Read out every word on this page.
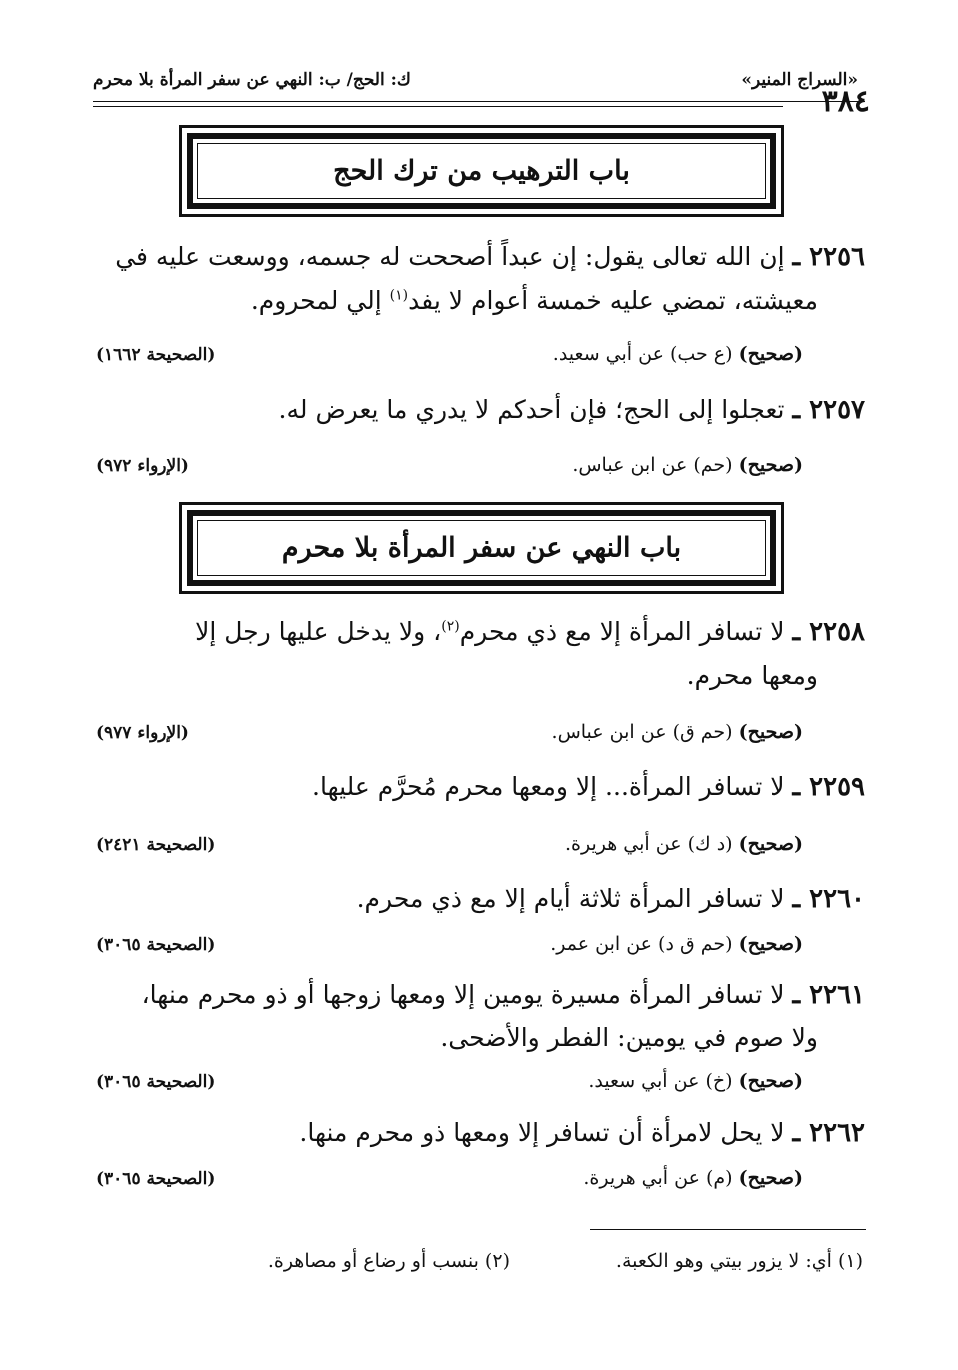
«السراج المنير»
٣٨٤
ك: الحج/ ب: النهي عن سفر المرأة بلا محرم
باب الترهيب من ترك الحج
٢٢٥٦ ـ إن الله تعالى يقول: إن عبداً أصححت له جسمه، ووسعت عليه في
معيشته، تمضي عليه خمسة أعوام لا يفد$^{(١)}$ إلي لمحروم.
(صحيح) (ع حب) عن أبي سعيد.
(الصحيحة ١٦٦٢)
٢٢٥٧ ـ تعجلوا إلى الحج؛ فإن أحدكم لا يدري ما يعرض له.
(صحيح) (حم) عن ابن عباس.
(الإرواء ٩٧٢)
باب النهي عن سفر المرأة بلا محرم
٢٢٥٨ ـ لا تسافر المرأة إلا مع ذي محرم$^{(٢)}$، ولا يدخل عليها رجل إلا
ومعها محرم.
(صحيح) (حم ق) عن ابن عباس.
(الإرواء ٩٧٧)
٢٢٥٩ ـ لا تسافر المرأة... إلا ومعها محرم مُحرَّم عليها.
(صحيح) (د ك) عن أبي هريرة.
(الصحيحة ٢٤٢١)
٢٢٦٠ ـ لا تسافر المرأة ثلاثة أيام إلا مع ذي محرم.
(صحيح) (حم ق د) عن ابن عمر.
(الصحيحة ٣٠٦٥)
٢٢٦١ ـ لا تسافر المرأة مسيرة يومين إلا ومعها زوجها أو ذو محرم منها،
ولا صوم في يومين: الفطر والأضحى.
(صحيح) (خ) عن أبي سعيد.
(الصحيحة ٣٠٦٥)
٢٢٦٢ ـ لا يحل لامرأة أن تسافر إلا ومعها ذو محرم منها.
(صحيح) (م) عن أبي هريرة.
(الصحيحة ٣٠٦٥)
(١) أي: لا يزور بيتي وهو الكعبة.
(٢) بنسب أو رضاع أو مصاهرة.
